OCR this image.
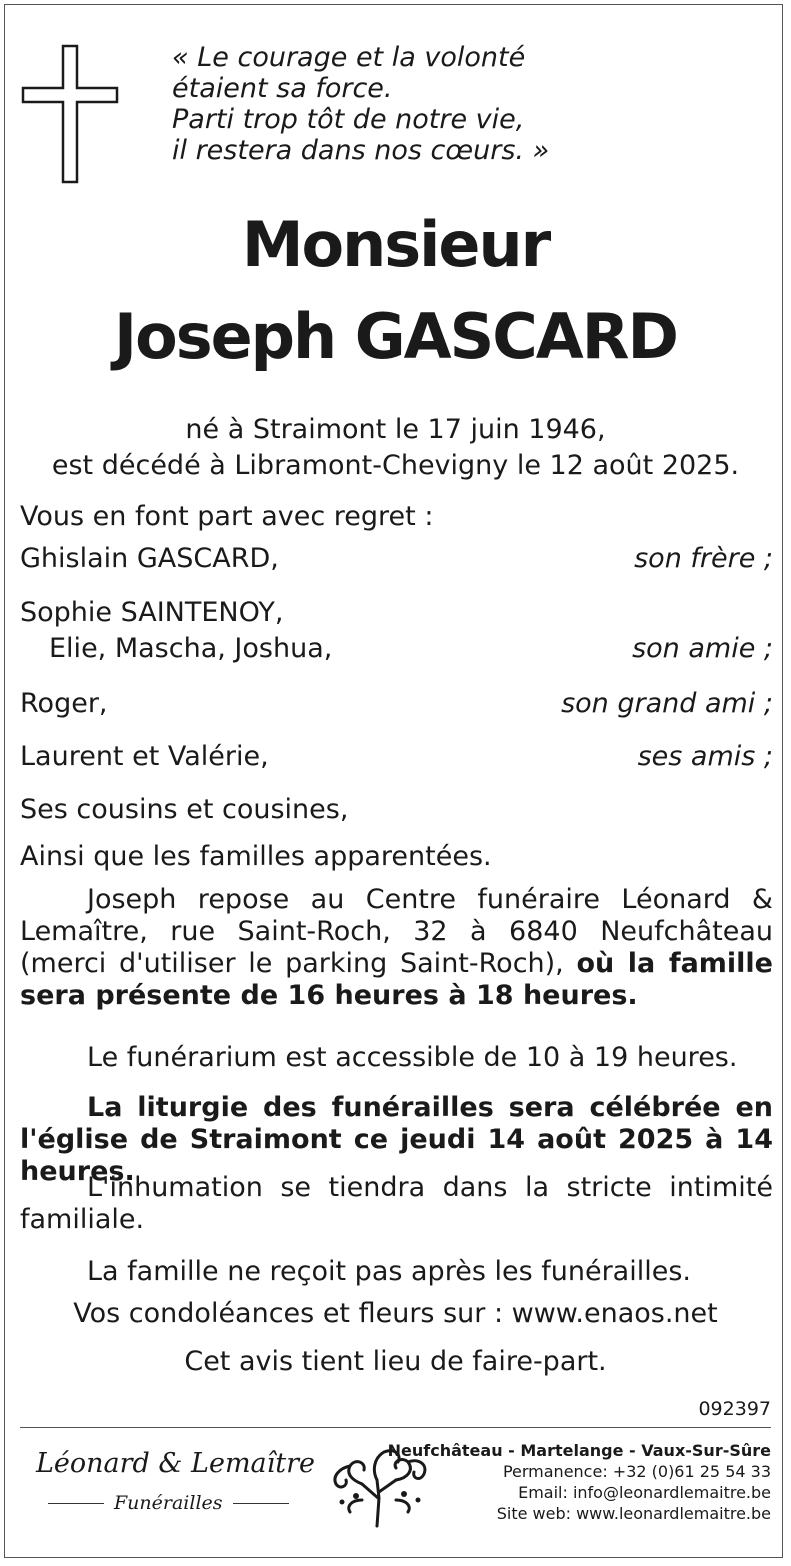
« Le courage et la volonté
étaient sa force.
Parti trop tôt de notre vie,
il restera dans nos cœurs. »
Monsieur
Joseph GASCARD
né à Straimont le 17 juin 1946,
est décédé à Libramont-Chevigny le 12 août 2025.
Vous en font part avec regret :
Ghislain GASCARD,	son frère ;
Sophie SAINTENOY,
Elie, Mascha, Joshua,	son amie ;
Roger,	son grand ami ;
Laurent et Valérie,	ses amis ;
Ses cousins et cousines,
Ainsi que les familles apparentées.
Joseph repose au Centre funéraire Léonard & Lemaître, rue Saint-Roch, 32 à 6840 Neufchâteau (merci d'utiliser le parking Saint-Roch), où la famille sera présente de 16 heures à 18 heures.
Le funérarium est accessible de 10 à 19 heures.
La liturgie des funérailles sera célébrée en l'église de Straimont ce jeudi 14 août 2025 à 14 heures.
L'inhumation se tiendra dans la stricte intimité familiale.
La famille ne reçoit pas après les funérailles.
Vos condoléances et fleurs sur : www.enaos.net
Cet avis tient lieu de faire-part.
092397
Léonard & Lemaître
Funérailles
Neufchâteau - Martelange - Vaux-Sur-Sûre
Permanence: +32 (0)61 25 54 33
Email: info@leonardlemaitre.be
Site web: www.leonardlemaitre.be
